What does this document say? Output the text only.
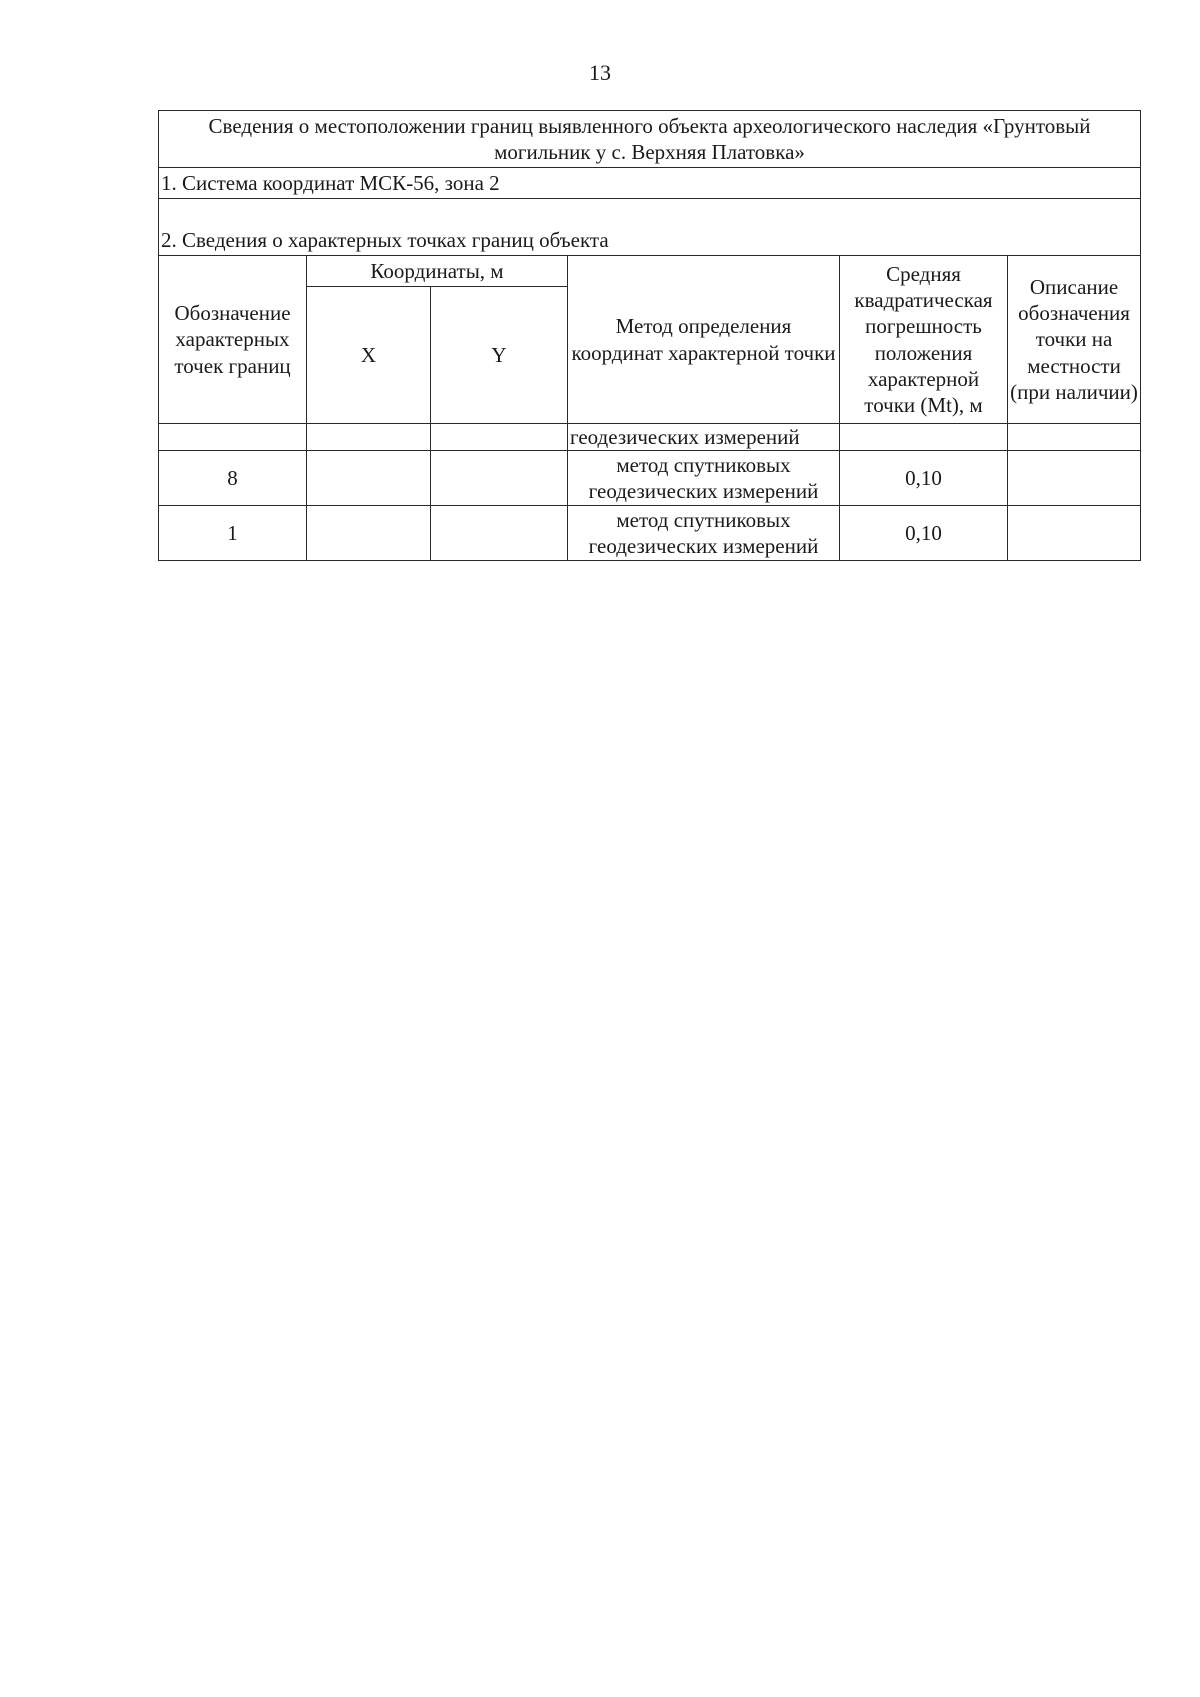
13
Сведения о местоположении границ выявленного объекта археологического наследия «Грунтовый могильник у с. Верхняя Платовка»					
1. Система координат МСК-56, зона 2					
2. Сведения о характерных точках границ объекта					
Обозначение характерных точек границ	Координаты, м		Метод определения координат характерной точки	Средняя квадратическая погрешность положения характерной точки (Mt), м	Описание обозначения точки на местности (при наличии)
	X	Y			
			геодезических измерений		
8			метод спутниковых геодезических измерений	0,10	
1			метод спутниковых геодезических измерений	0,10	
